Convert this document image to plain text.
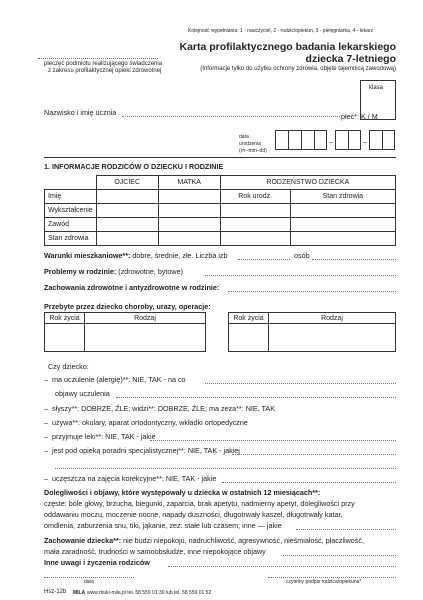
Kolejność wypełniania: 1 - nauczyciel, 2 - rodzic/opiekun, 3 - pielęgniarka, 4 - lekarz
Karta profilaktycznego badania lekarskiego
dziecka 7-letniego
(Informacje tylko do użytku ochrony zdrowia, objęte tajemnicą zawodową)
pieczęć podmiotu realizującego świadczenia
z zakresu profilaktycznej opieki zdrowotnej
Nazwisko i imię ucznia	płeć*: K / M
klasa
data
urodzenia
(rrr–mm–dd)
–	–
1. INFORMACJE RODZICÓW O DZIECKU I RODZINIE
	OJCIEC	MATKA	RODZEŃSTWO DZIECKA	
Imię			Rok urodz.	Stan zdrowia
Wykształcenie				
Zawód				
Stan zdrowia				
Warunki mieszkaniowe**: dobre, średnie, złe. Liczba izb	osób
Problemy w rodzinie: (zdrowotne, bytowe)
Zachowania zdrowotne i antyzdrowotne w rodzinie:
Przebyte przez dziecko choroby, urazy, operacje:
Rok życia	Rodzaj
		Rok życia	Rodzaj

Czy dziecko:
–  ma uczulenie (alergię)**: NIE, TAK - na co
objawy uczulenia
–  słyszy**: DOBRZE, ŹLE; widzi**: DOBRZE, ŹLE; ma zeza**: NIE, TAK
–  używa**: okulary, aparat ortodontyczny, wkładki ortopedyczne
–  przyjmuje leki**: NIE, TAK - jakie
–  jest pod opieką poradni specjalistycznej**: NIE, TAK - jakiej
–  uczęszcza na zajęcia korekcyjne**: NIE, TAK - jakie
Dolegliwości i objawy, które występowały u dziecka w ostatnich 12 miesiącach**:
częste: bóle głowy, brzucha, biegunki, zaparcia, brak apetytu, nadmierny apetyt, dolegliwości przy
oddawaniu moczu, moczenie nocne, napady duszności, długotrwały kaszel, długotrwały katar,
omdlenia, zaburzenia snu, tiki, jąkanie, zez: stałe lub czasem; inne — jakie
Zachowanie dziecka**: nie budzi niepokoju, nadruchliwość, agresywność, nieśmiałość, płaczliwość,
mała zaradność, trudności w samoobsłudze, inne niepokojące objawy
Inne uwagi i życzenia rodziców
data	czytelny podpis rodzica/opiekuna*
Hsz-12b MILA www.druki-mila.pl tel. 58 559 01 30 lub tel. 58 559 01 52
